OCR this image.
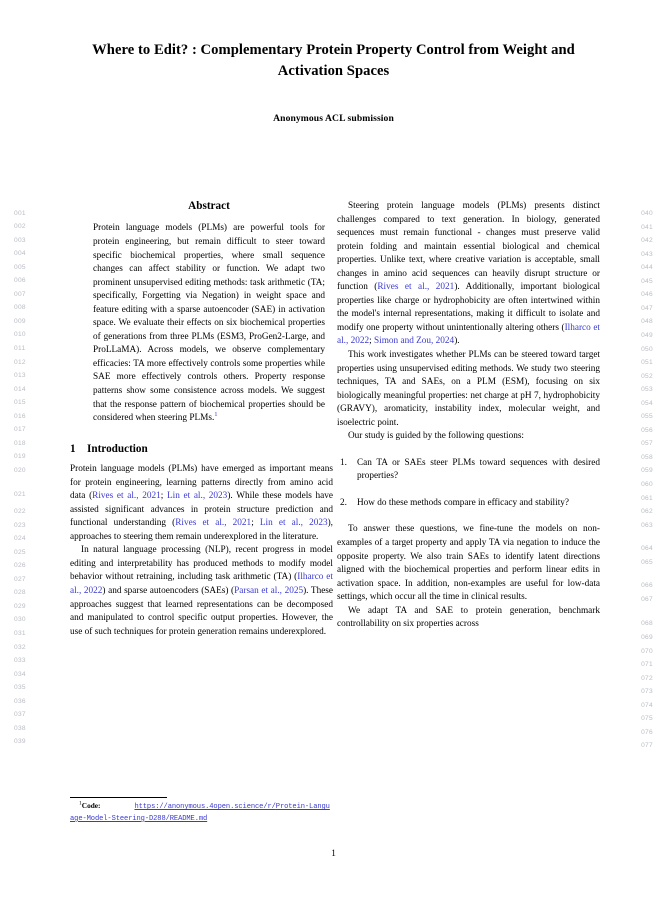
001
002
003
004
005
006
007
008
009
010
011
012
013
014
015
016
017
018
019
020
021
022
023
024
025
026
027
028
029
030
031
032
033
034
035
036
037
038
039
040
041
042
043
044
045
046
047
048
049
050
051
052
053
054
055
056
057
058
059
060
061
062
063
064
065
066
067
068
069
070
071
072
073
074
075
076
077
Where to Edit? : Complementary Protein Property Control from Weight and Activation Spaces
Anonymous ACL submission
Abstract

Protein language models (PLMs) are powerful tools for protein engineering, but remain difficult to steer toward specific biochemical properties, where small sequence changes can affect stability or function. We adapt two prominent unsupervised editing methods: task arithmetic (TA; specifically, Forgetting via Negation) in weight space and feature editing with a sparse autoencoder (SAE) in activation space. We evaluate their effects on six biochemical properties of generations from three PLMs (ESM3, ProGen2-Large, and ProLLaMA). Across models, we observe complementary efficacies: TA more effectively controls some properties while SAE more effectively controls others. Property response patterns show some consistence across models. We suggest that the response pattern of biochemical properties should be considered when steering PLMs.$^1$

1 Introduction

Protein language models (PLMs) have emerged as important means for protein engineering, learning patterns directly from amino acid data (Rives et al., 2021; Lin et al., 2023). While these models have assisted significant advances in protein structure prediction and functional understanding (Rives et al., 2021; Lin et al., 2023), approaches to steering them remain underexplored in the literature.

In natural language processing (NLP), recent progress in model editing and interpretability has produced methods to modify model behavior without retraining, including task arithmetic (TA) (Ilharco et al., 2022) and sparse autoencoders (SAEs) (Parsan et al., 2025). These approaches suggest that learned representations can be decomposed and manipulated to control specific output properties. However, the use of such techniques for protein generation remains underexplored.

Steering protein language models (PLMs) presents distinct challenges compared to text generation. In biology, generated sequences must remain functional - changes must preserve valid protein folding and maintain essential biological and chemical properties. Unlike text, where creative variation is acceptable, small changes in amino acid sequences can heavily disrupt structure or function (Rives et al., 2021). Additionally, important biological properties like charge or hydrophobicity are often intertwined within the model's internal representations, making it difficult to isolate and modify one property without unintentionally altering others (Ilharco et al., 2022; Simon and Zou, 2024).

This work investigates whether PLMs can be steered toward target properties using unsupervised editing methods. We study two steering techniques, TA and SAEs, on a PLM (ESM), focusing on six biologically meaningful properties: net charge at pH 7, hydrophobicity (GRAVY), aromaticity, instability index, molecular weight, and isoelectric point.

Our study is guided by the following questions:

1. Can TA or SAEs steer PLMs toward sequences with desired properties?
2. How do these methods compare in efficacy and stability?

To answer these questions, we fine-tune the models on non-examples of a target property and apply TA via negation to induce the opposite property. We also train SAEs to identify latent directions aligned with the biochemical properties and perform linear edits in activation space. In addition, non-examples are useful for low-data settings, which occur all the time in clinical results.

We adapt TA and SAE to protein generation, benchmark controllability on six properties across

$^1$Code:	https://anonymous.4open.science/r/Protein-Language-Model-Steering-D288/README.md
1
